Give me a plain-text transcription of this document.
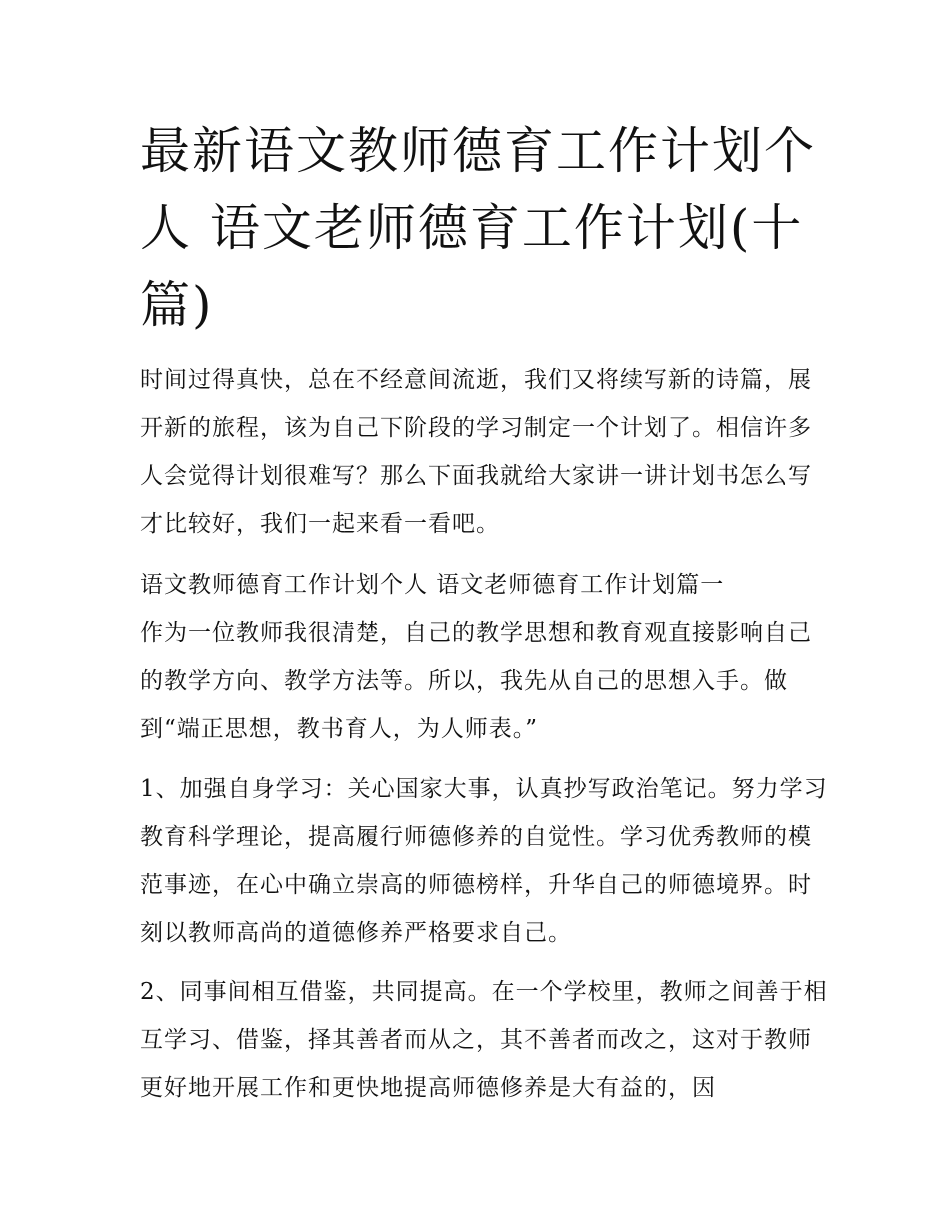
最新语文教师德育工作计划个人 语文老师德育工作计划(十篇)

时间过得真快，总在不经意间流逝，我们又将续写新的诗篇，展开新的旅程，该为自己下阶段的学习制定一个计划了。相信许多人会觉得计划很难写？那么下面我就给大家讲一讲计划书怎么写才比较好，我们一起来看一看吧。

语文教师德育工作计划个人 语文老师德育工作计划篇一

作为一位教师我很清楚，自己的教学思想和教育观直接影响自己的教学方向、教学方法等。所以，我先从自己的思想入手。做到“端正思想，教书育人，为人师表。”

1、加强自身学习：关心国家大事，认真抄写政治笔记。努力学习教育科学理论，提高履行师德修养的自觉性。学习优秀教师的模范事迹，在心中确立崇高的师德榜样，升华自己的师德境界。时刻以教师高尚的道德修养严格要求自己。

2、同事间相互借鉴，共同提高。在一个学校里，教师之间善于相互学习、借鉴，择其善者而从之，其不善者而改之，这对于教师更好地开展工作和更快地提高师德修养是大有益的，因
